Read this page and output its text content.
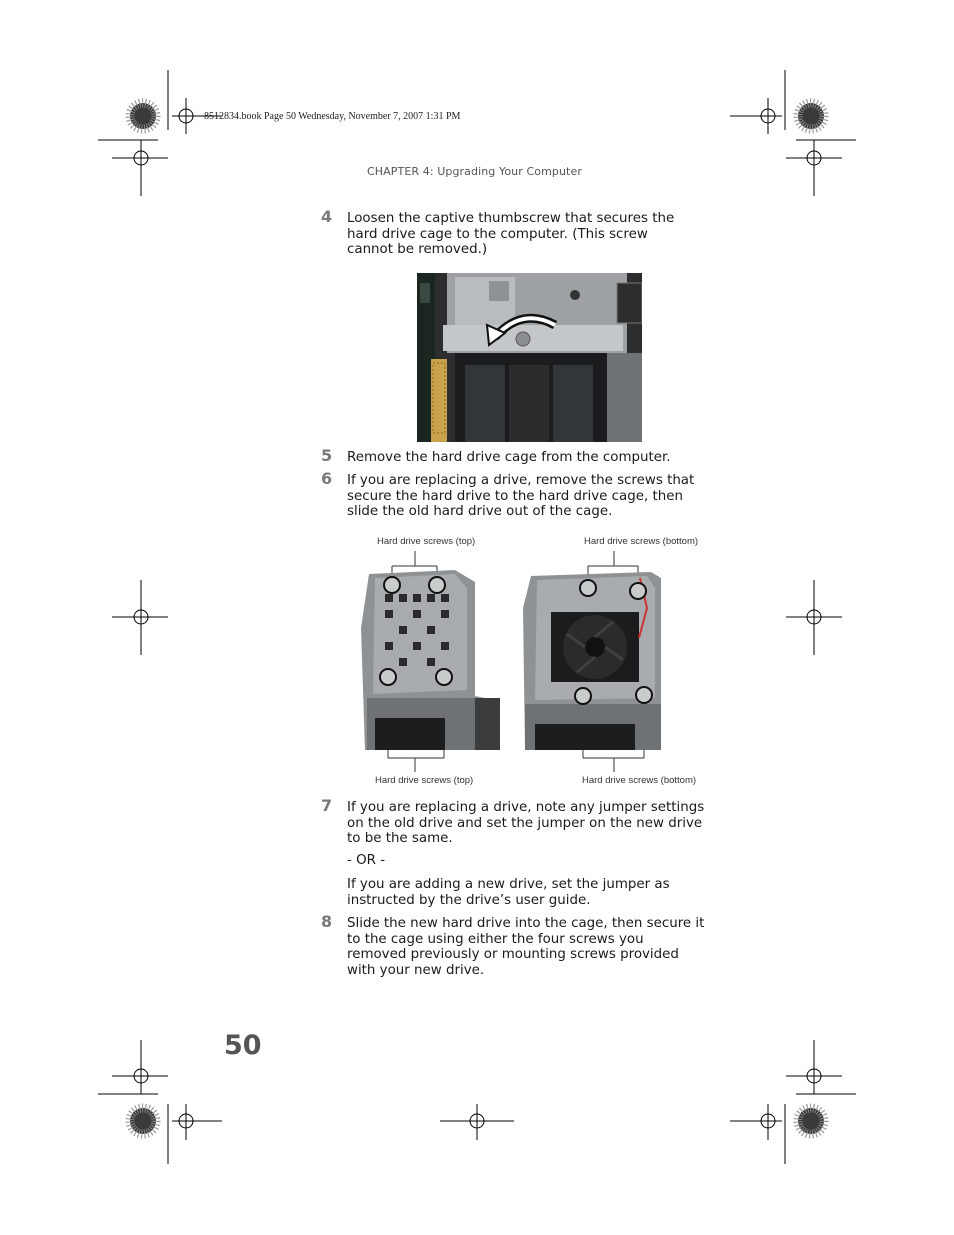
8512834.book Page 50 Wednesday, November 7, 2007 1:31 PM
CHAPTER 4: Upgrading Your Computer
4 Loosen the captive thumbscrew that secures the hard drive cage to the computer. (This screw cannot be removed.)
5 Remove the hard drive cage from the computer.
6 If you are replacing a drive, remove the screws that secure the hard drive to the hard drive cage, then slide the old hard drive out of the cage.
Hard drive screws (top)	Hard drive screws (bottom)
Hard drive screws (top)	Hard drive screws (bottom)
7 If you are replacing a drive, note any jumper settings on the old drive and set the jumper on the new drive to be the same.
- OR -
If you are adding a new drive, set the jumper as instructed by the drive’s user guide.
8 Slide the new hard drive into the cage, then secure it to the cage using either the four screws you removed previously or mounting screws provided with your new drive.
50
